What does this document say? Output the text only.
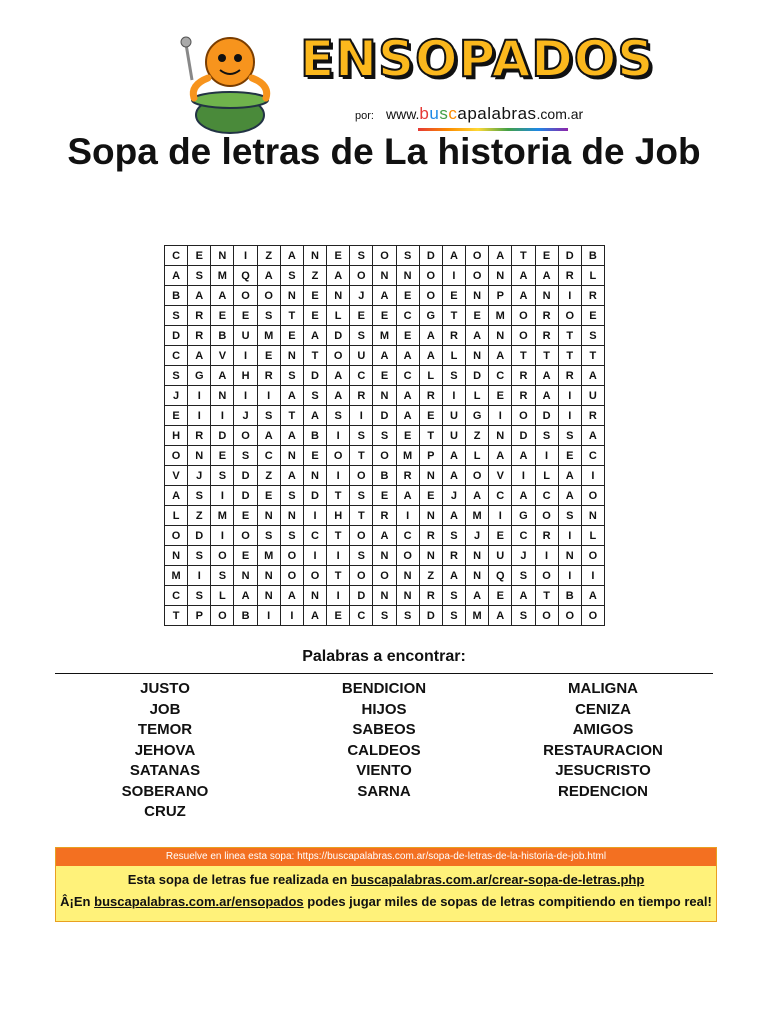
ENSOPADOS
por: www.buscapalabras.com.ar
Sopa de letras de La historia de Job
C	E	N	I	Z	A	N	E	S	O	S	D	A	O	A	T	E	D	B
A	S	M	Q	A	S	Z	A	O	N	N	O	I	O	N	A	A	R	L
B	A	A	O	O	N	E	N	J	A	E	O	E	N	P	A	N	I	R
S	R	E	E	S	T	E	L	E	E	C	G	T	E	M	O	R	O	E
D	R	B	U	M	E	A	D	S	M	E	A	R	A	N	O	R	T	S
C	A	V	I	E	N	T	O	U	A	A	A	L	N	A	T	T	T	T
S	G	A	H	R	S	D	A	C	E	C	L	S	D	C	R	A	R	A
J	I	N	I	I	A	S	A	R	N	A	R	I	L	E	R	A	I	U
E	I	I	J	S	T	A	S	I	D	A	E	U	G	I	O	D	I	R
H	R	D	O	A	A	B	I	S	S	E	T	U	Z	N	D	S	S	A
O	N	E	S	C	N	E	O	T	O	M	P	A	L	A	A	I	E	C
V	J	S	D	Z	A	N	I	O	B	R	N	A	O	V	I	L	A	I
A	S	I	D	E	S	D	T	S	E	A	E	J	A	C	A	C	A	O
L	Z	M	E	N	N	I	H	T	R	I	N	A	M	I	G	O	S	N
O	D	I	O	S	S	C	T	O	A	C	R	S	J	E	C	R	I	L
N	S	O	E	M	O	I	I	S	N	O	N	R	N	U	J	I	N	O
M	I	S	N	N	O	O	T	O	O	N	Z	A	N	Q	S	O	I	I
C	S	L	A	N	A	N	I	D	N	N	R	S	A	E	A	T	B	A
T	P	O	B	I	I	A	E	C	S	S	D	S	M	A	S	O	O	O
Palabras a encontrar:
JUSTO
JOB
TEMOR
JEHOVA
SATANAS
SOBERANO
CRUZ
BENDICION
HIJOS
SABEOS
CALDEOS
VIENTO
SARNA
MALIGNA
CENIZA
AMIGOS
RESTAURACION
JESUCRISTO
REDENCION
Resuelve en linea esta sopa: https://buscapalabras.com.ar/sopa-de-letras-de-la-historia-de-job.html
Esta sopa de letras fue realizada en buscapalabras.com.ar/crear-sopa-de-letras.php
Â¡En buscapalabras.com.ar/ensopados podes jugar miles de sopas de letras compitiendo en tiempo real!
